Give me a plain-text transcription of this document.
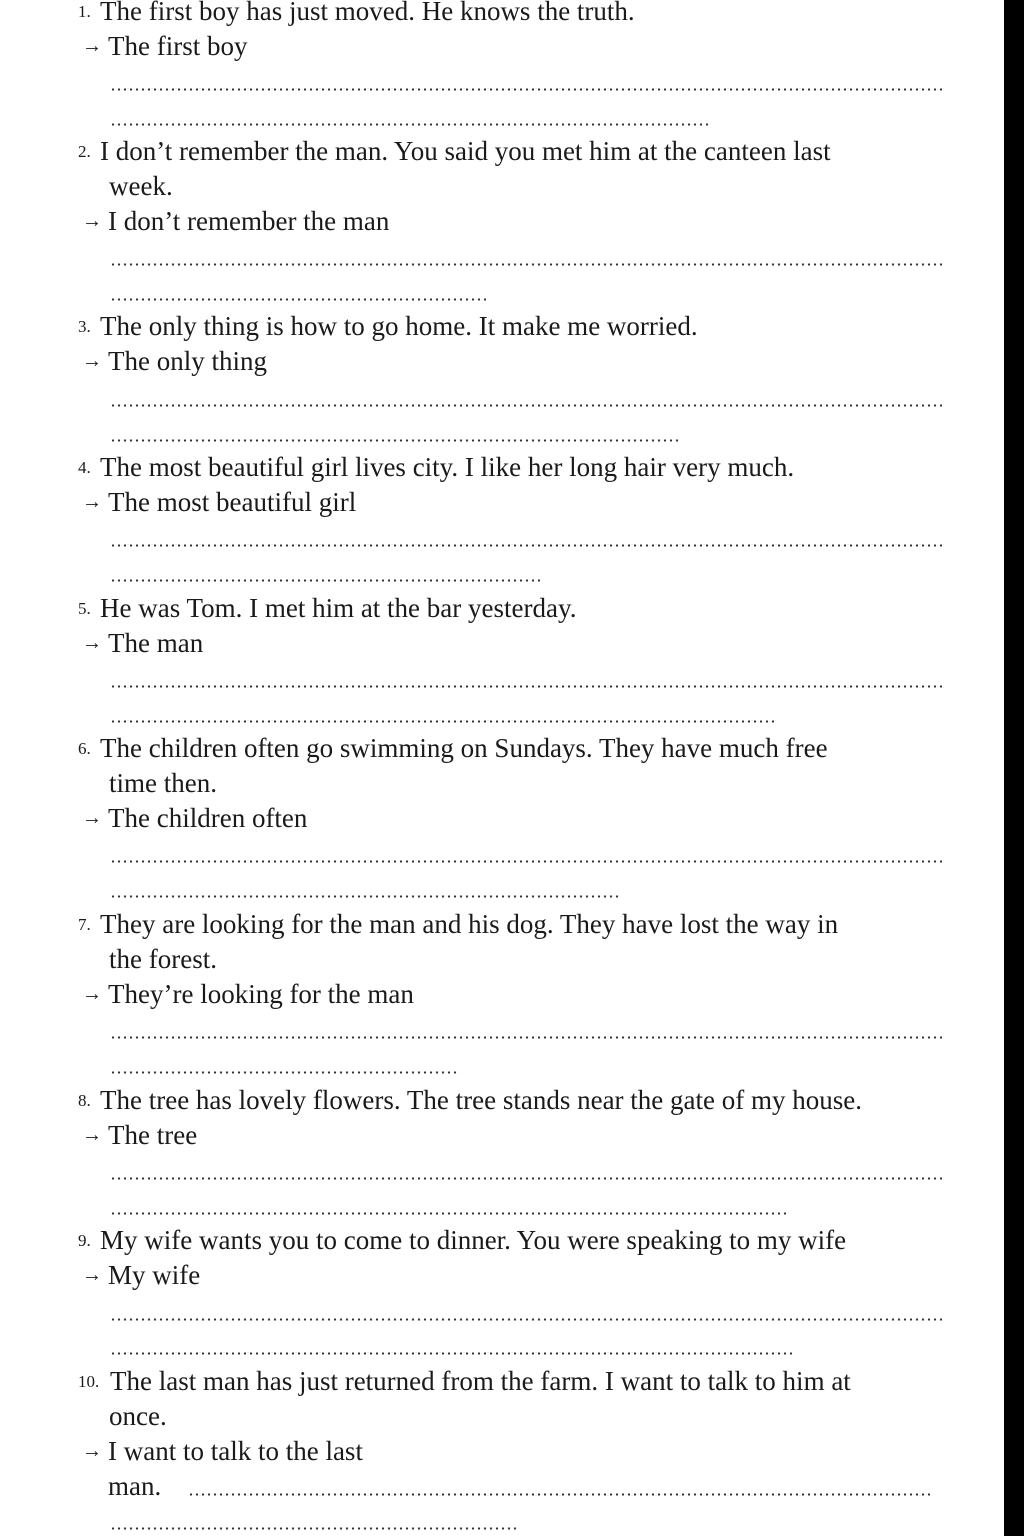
1. The first boy has just moved. He knows the truth.
→ The first boy
2. I don’t remember the man. You said you met him at the canteen last
week.
→ I don’t remember the man
3. The only thing is how to go home. It make me worried.
→ The only thing
4. The most beautiful girl lives city. I like her long hair very much.
→ The most beautiful girl
5. He was Tom. I met him at the bar yesterday.
→ The man
6. The children often go swimming on Sundays. They have much free
time then.
→ The children often
7. They are looking for the man and his dog. They have lost the way in
the forest.
→ They’re looking for the man
8. The tree has lovely flowers. The tree stands near the gate of my house.
→ The tree
9. My wife wants you to come to dinner. You were speaking to my wife
→ My wife
10. The last man has just returned from the farm. I want to talk to him at
once.
→ I want to talk to the last
man.
